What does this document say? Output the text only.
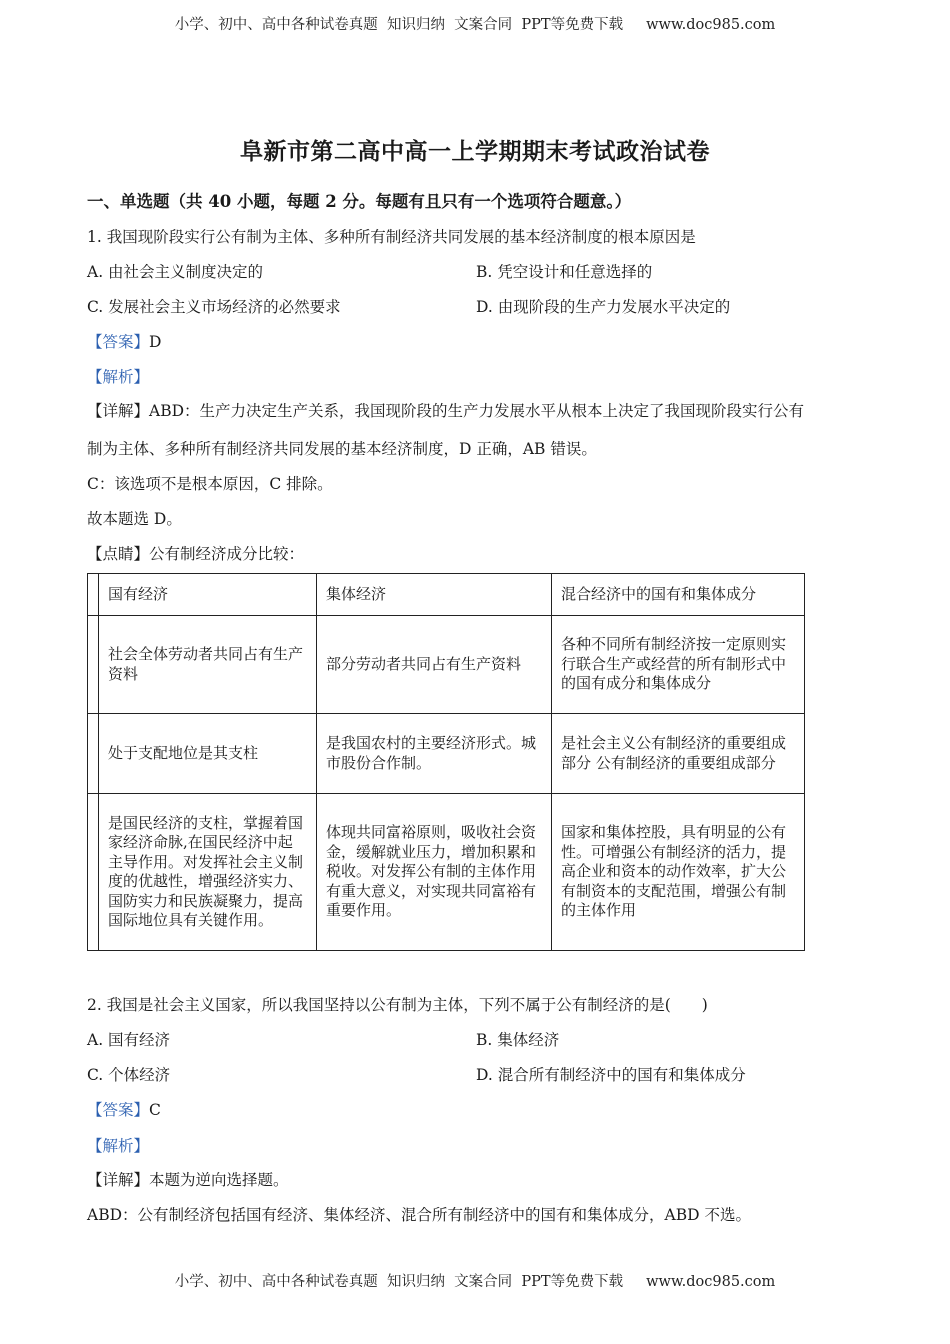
小学、初中、高中各种试卷真题  知识归纳  文案合同  PPT等免费下载     www.doc985.com
阜新市第二高中高一上学期期末考试政治试卷
一、单选题（共 40 小题，每题 2 分。每题有且只有一个选项符合题意。）
1. 我国现阶段实行公有制为主体、多种所有制经济共同发展的基本经济制度的根本原因是
A. 由社会主义制度决定的	B. 凭空设计和任意选择的
C. 发展社会主义市场经济的必然要求	D. 由现阶段的生产力发展水平决定的
【答案】D
【解析】
【详解】ABD：生产力决定生产关系，我国现阶段的生产力发展水平从根本上决定了我国现阶段实行公有
制为主体、多种所有制经济共同发展的基本经济制度，D 正确，AB 错误。
C：该选项不是根本原因，C 排除。
故本题选 D。
【点睛】公有制经济成分比较：
	国有经济	集体经济	混合经济中的国有和集体成分
	社会全体劳动者共同占有生产资料	部分劳动者共同占有生产资料	各种不同所有制经济按一定原则实行联合生产或经营的所有制形式中的国有成分和集体成分
	处于支配地位是其支柱	是我国农村的主要经济形式。城市股份合作制。	是社会主义公有制经济的重要组成部分 公有制经济的重要组成部分
	是国民经济的支柱，掌握着国家经济命脉,在国民经济中起主导作用。对发挥社会主义制度的优越性，增强经济实力、国防实力和民族凝聚力，提高国际地位具有关键作用。	体现共同富裕原则，吸收社会资金，缓解就业压力，增加积累和税收。对发挥公有制的主体作用有重大意义，对实现共同富裕有重要作用。	国家和集体控股，具有明显的公有性。可增强公有制经济的活力，提高企业和资本的动作效率，扩大公有制资本的支配范围，增强公有制的主体作用
2. 我国是社会主义国家，所以我国坚持以公有制为主体，下列不属于公有制经济的是(　　)
A. 国有经济	B. 集体经济
C. 个体经济	D. 混合所有制经济中的国有和集体成分
【答案】C
【解析】
【详解】本题为逆向选择题。
ABD：公有制经济包括国有经济、集体经济、混合所有制经济中的国有和集体成分，ABD 不选。
小学、初中、高中各种试卷真题  知识归纳  文案合同  PPT等免费下载     www.doc985.com
